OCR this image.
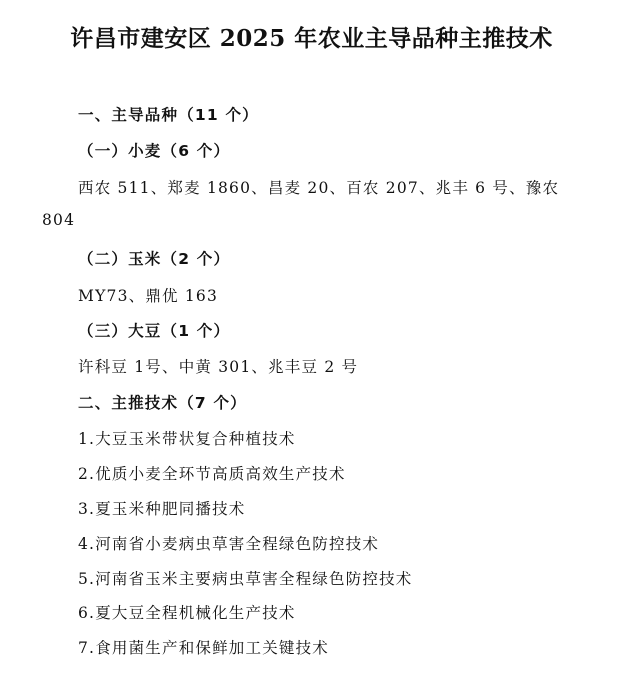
许昌市建安区 2025 年农业主导品种主推技术
一、主导品种（11 个）
（一）小麦（6 个）
西农 511、郑麦 1860、昌麦 20、百农 207、兆丰 6 号、豫农
804
（二）玉米（2 个）
MY73、鼎优 163
（三）大豆（1 个）
许科豆 1号、中黄 301、兆丰豆 2 号
二、主推技术（7 个）
1.大豆玉米带状复合种植技术
2.优质小麦全环节高质高效生产技术
3.夏玉米种肥同播技术
4.河南省小麦病虫草害全程绿色防控技术
5.河南省玉米主要病虫草害全程绿色防控技术
6.夏大豆全程机械化生产技术
7.食用菌生产和保鲜加工关键技术
